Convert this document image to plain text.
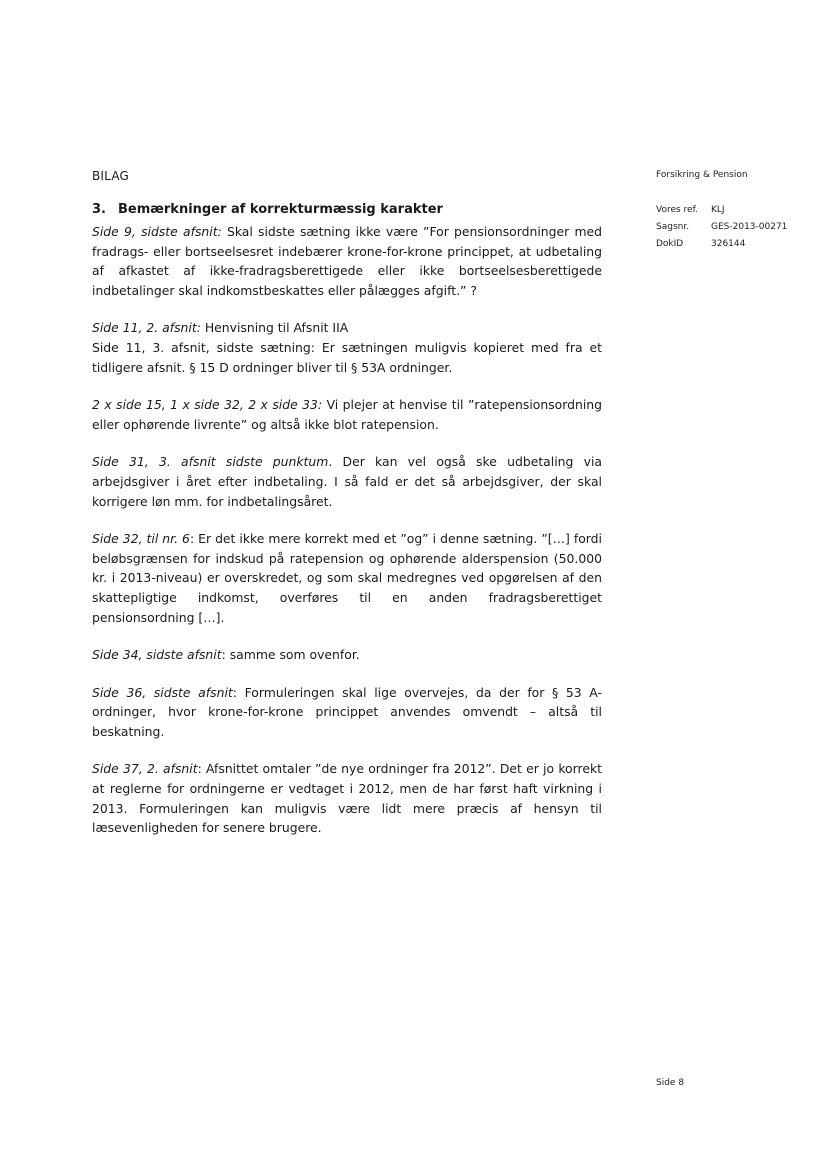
BILAG	Forsikring & Pension
Vores ref.	KLJ
Sagsnr.	GES-2013-00271
DokID	326144
3. Bemærkninger af korrekturmæssig karakter

Side 9, sidste afsnit: Skal sidste sætning ikke være ”For pensionsordninger med fradrags- eller bortseelsesret indebærer krone-for-krone princippet, at udbetaling af afkastet af ikke-fradragsberettigede eller ikke bortseelsesberettigede indbetalinger skal indkomstbeskattes eller pålægges afgift.” ?

Side 11, 2. afsnit: Henvisning til Afsnit IIA
Side 11, 3. afsnit, sidste sætning: Er sætningen muligvis kopieret med fra et tidligere afsnit. § 15 D ordninger bliver til § 53A ordninger.

2 x side 15, 1 x side 32, 2 x side 33: Vi plejer at henvise til ”ratepensionsordning eller ophørende livrente” og altså ikke blot ratepension.

Side 31, 3. afsnit sidste punktum. Der kan vel også ske udbetaling via arbejdsgiver i året efter indbetaling. I så fald er det så arbejdsgiver, der skal korrigere løn mm. for indbetalingsåret.

Side 32, til nr. 6: Er det ikke mere korrekt med et ”og” i denne sætning. ”[…] fordi beløbsgrænsen for indskud på ratepension og ophørende alderspension (50.000 kr. i 2013-niveau) er overskredet, og som skal medregnes ved opgørelsen af den skattepligtige indkomst, overføres til en anden fradragsberettiget pensionsordning […].

Side 34, sidste afsnit: samme som ovenfor.

Side 36, sidste afsnit: Formuleringen skal lige overvejes, da der for § 53 A-ordninger, hvor krone-for-krone princippet anvendes omvendt – altså til beskatning.

Side 37, 2. afsnit: Afsnittet omtaler ”de nye ordninger fra 2012”. Det er jo korrekt at reglerne for ordningerne er vedtaget i 2012, men de har først haft virkning i 2013. Formuleringen kan muligvis være lidt mere præcis af hensyn til læsevenligheden for senere brugere.

Side 8
